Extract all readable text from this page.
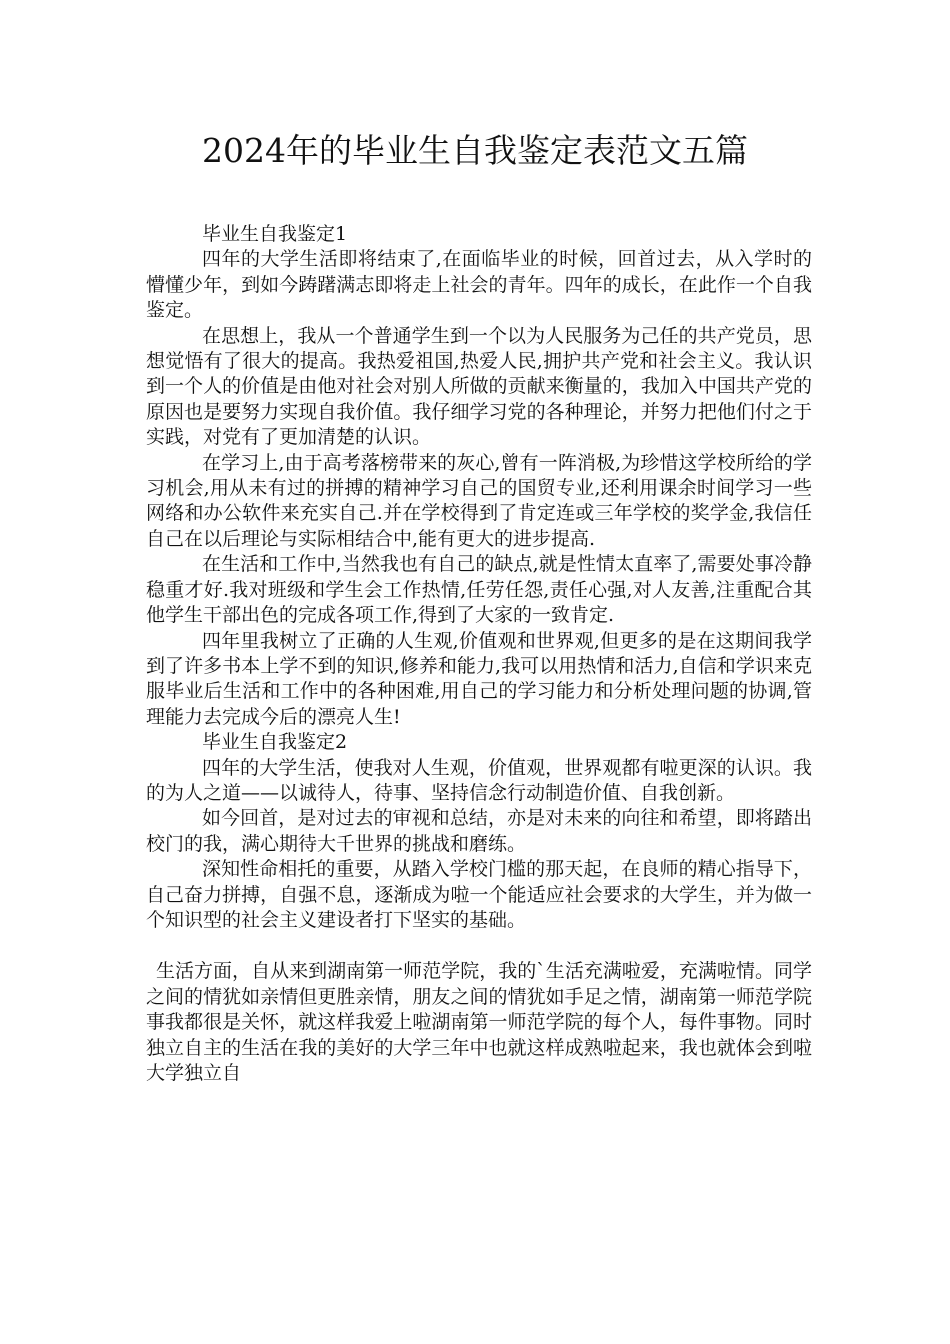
2024年的毕业生自我鉴定表范文五篇

毕业生自我鉴定1

四年的大学生活即将结束了,在面临毕业的时候，回首过去，从入学时的懵懂少年，到如今踌躇满志即将走上社会的青年。四年的成长，在此作一个自我鉴定。

在思想上，我从一个普通学生到一个以为人民服务为己任的共产党员，思想觉悟有了很大的提高。我热爱祖国,热爱人民,拥护共产党和社会主义。我认识到一个人的价值是由他对社会对别人所做的贡献来衡量的，我加入中国共产党的原因也是要努力实现自我价值。我仔细学习党的各种理论，并努力把他们付之于实践，对党有了更加清楚的认识。

在学习上,由于高考落榜带来的灰心,曾有一阵消极,为珍惜这学校所给的学习机会,用从未有过的拼搏的精神学习自己的国贸专业,还利用课余时间学习一些网络和办公软件来充实自己.并在学校得到了肯定连或三年学校的奖学金,我信任自己在以后理论与实际相结合中,能有更大的进步提高.

在生活和工作中,当然我也有自己的缺点,就是性情太直率了,需要处事冷静稳重才好.我对班级和学生会工作热情,任劳任怨,责任心强,对人友善,注重配合其他学生干部出色的完成各项工作,得到了大家的一致肯定.

四年里我树立了正确的人生观,价值观和世界观,但更多的是在这期间我学到了许多书本上学不到的知识,修养和能力,我可以用热情和活力,自信和学识来克服毕业后生活和工作中的各种困难,用自己的学习能力和分析处理问题的协调,管理能力去完成今后的漂亮人生!

毕业生自我鉴定2

四年的大学生活，使我对人生观，价值观，世界观都有啦更深的认识。我的为人之道——以诚待人，待事、坚持信念行动制造价值、自我创新。

如今回首，是对过去的审视和总结，亦是对未来的向往和希望，即将踏出校门的我，满心期待大千世界的挑战和磨练。

深知性命相托的重要，从踏入学校门槛的那天起，在良师的精心指导下，自己奋力拼搏，自强不息，逐渐成为啦一个能适应社会要求的大学生，并为做一个知识型的社会主义建设者打下坚实的基础。

生活方面，自从来到湖南第一师范学院，我的`生活充满啦爱，充满啦情。同学之间的情犹如亲情但更胜亲情，朋友之间的情犹如手足之情，湖南第一师范学院事我都很是关怀，就这样我爱上啦湖南第一师范学院的每个人，每件事物。同时独立自主的生活在我的美好的大学三年中也就这样成熟啦起来，我也就体会到啦大学独立自
